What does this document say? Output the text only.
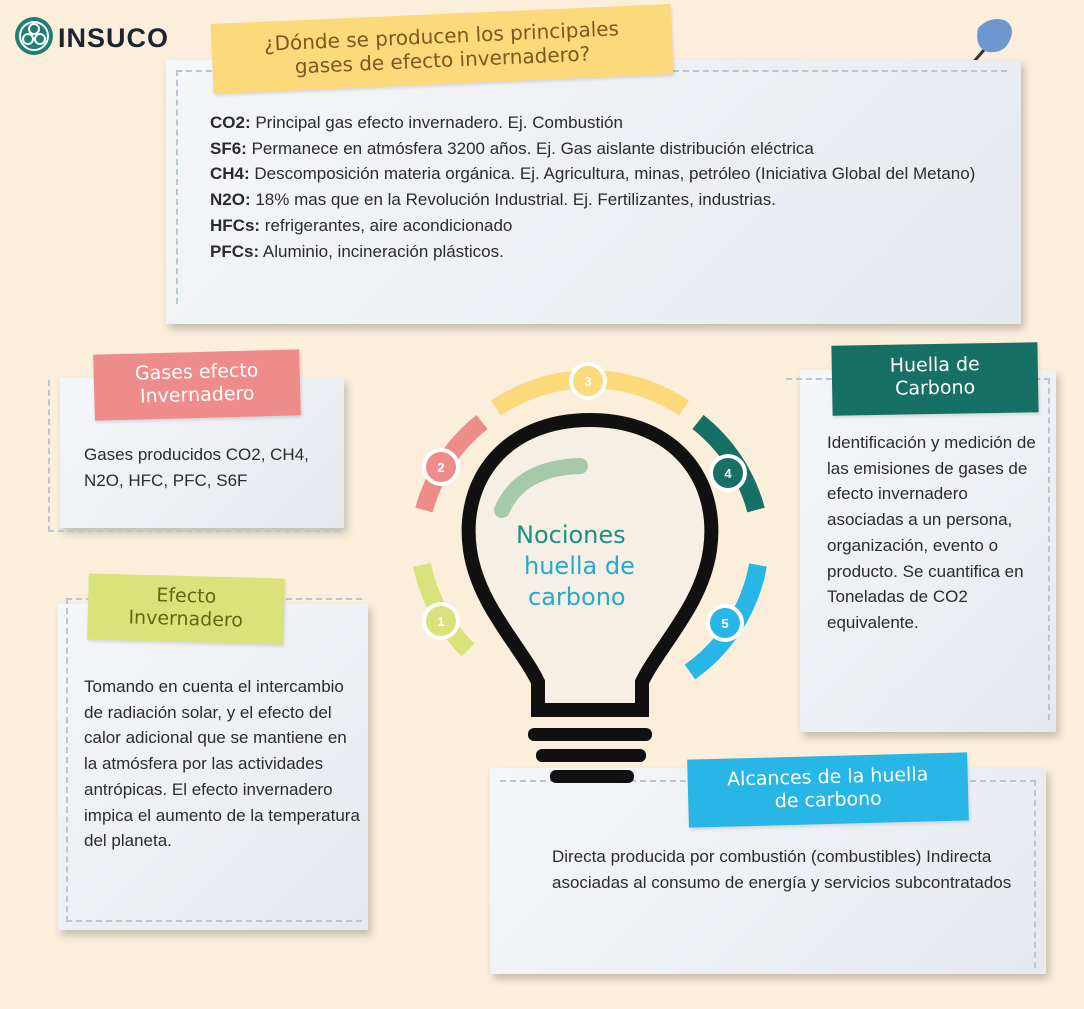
INSUCO	¿Dónde se producen los principales gases de efecto invernadero?
CO2: Principal gas efecto invernadero. Ej. Combustión
SF6: Permanece en atmósfera 3200 años. Ej. Gas aislante distribución eléctrica
CH4: Descomposición materia orgánica. Ej. Agricultura, minas, petróleo (Iniciativa Global del Metano)
N2O: 18% mas que en la Revolución Industrial. Ej. Fertilizantes, industrias.
HFCs: refrigerantes, aire acondicionado
PFCs: Aluminio, incineración plásticos.
Gases efecto Invernadero
Gases producidos CO2, CH4, N2O, HFC, PFC, S6F
Efecto Invernadero
Tomando en cuenta el intercambio de radiación solar, y el efecto del calor adicional que se mantiene en la atmósfera por las actividades antrópicas. El efecto invernadero impica el aumento de la temperatura del planeta.
Huella de Carbono
Identificación y medición de las emisiones de gases de efecto invernadero asociadas a un persona, organización, evento o producto. Se cuantifica en Toneladas de CO2 equivalente.
Alcances de la huella de carbono
Directa producida por combustión (combustibles) Indirecta asociadas al consumo de energía y servicios subcontratados
1
2
3
4
5
Nociones
huella de
carbono
